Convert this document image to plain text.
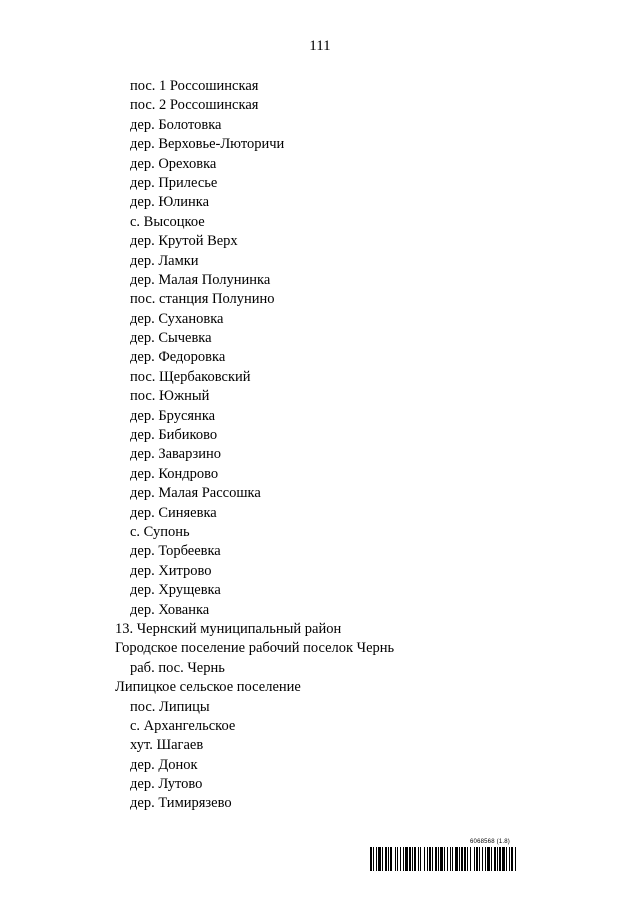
111
пос. 1 Россошинская
пос. 2 Россошинская
дер. Болотовка
дер. Верховье-Люторичи
дер. Ореховка
дер. Прилесье
дер. Юлинка
с. Высоцкое
дер. Крутой Верх
дер. Ламки
дер. Малая Полунинка
пос. станция Полунино
дер. Сухановка
дер. Сычевка
дер. Федоровка
пос. Щербаковский
пос. Южный
дер. Брусянка
дер. Бибиково
дер. Заварзино
дер. Кондрово
дер. Малая Рассошка
дер. Синяевка
с. Супонь
дер. Торбеевка
дер. Хитрово
дер. Хрущевка
дер. Хованка
13. Чернский муниципальный район
Городское поселение рабочий поселок Чернь
раб. пос. Чернь
Липицкое сельское поселение
пос. Липицы
с. Архангельское
хут. Шагаев
дер. Донок
дер. Лутово
дер. Тимирязево
6068568 (1.8)
